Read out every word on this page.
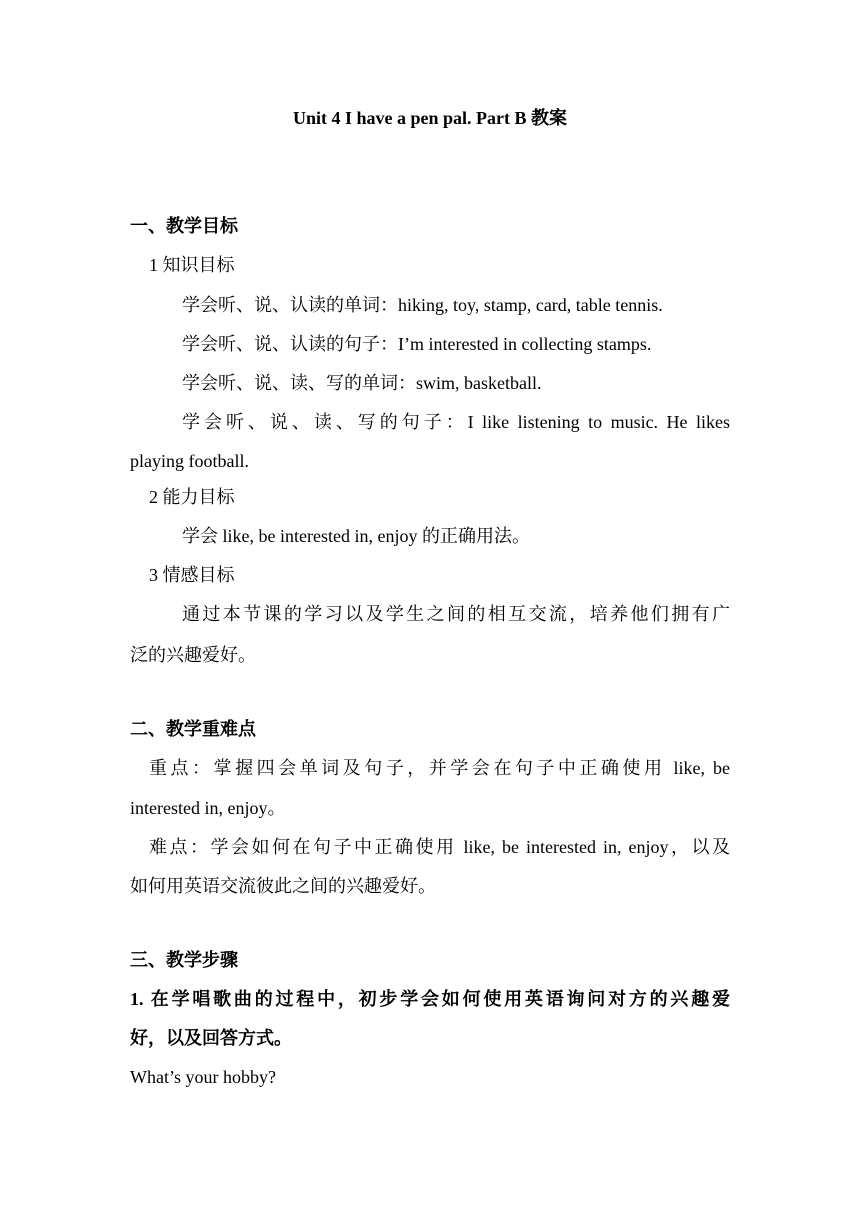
Unit 4 I have a pen pal. Part B 教案
一、教学目标
1 知识目标
学会听、说、认读的单词：hiking, toy, stamp, card, table tennis.
学会听、说、认读的句子：I’m interested in collecting stamps.
学会听、说、读、写的单词：swim, basketball.
学会听、说、读、写的句子：I like listening to music. He likes
playing football.
2 能力目标
学会 like, be interested in, enjoy 的正确用法。
3 情感目标
通过本节课的学习以及学生之间的相互交流，培养他们拥有广
泛的兴趣爱好。
二、教学重难点
重点：掌握四会单词及句子，并学会在句子中正确使用 like, be
interested in, enjoy。
难点：学会如何在句子中正确使用 like, be interested in, enjoy，以及
如何用英语交流彼此之间的兴趣爱好。
三、教学步骤
1. 在学唱歌曲的过程中，初步学会如何使用英语询问对方的兴趣爱
好，以及回答方式。
What’s your hobby?
